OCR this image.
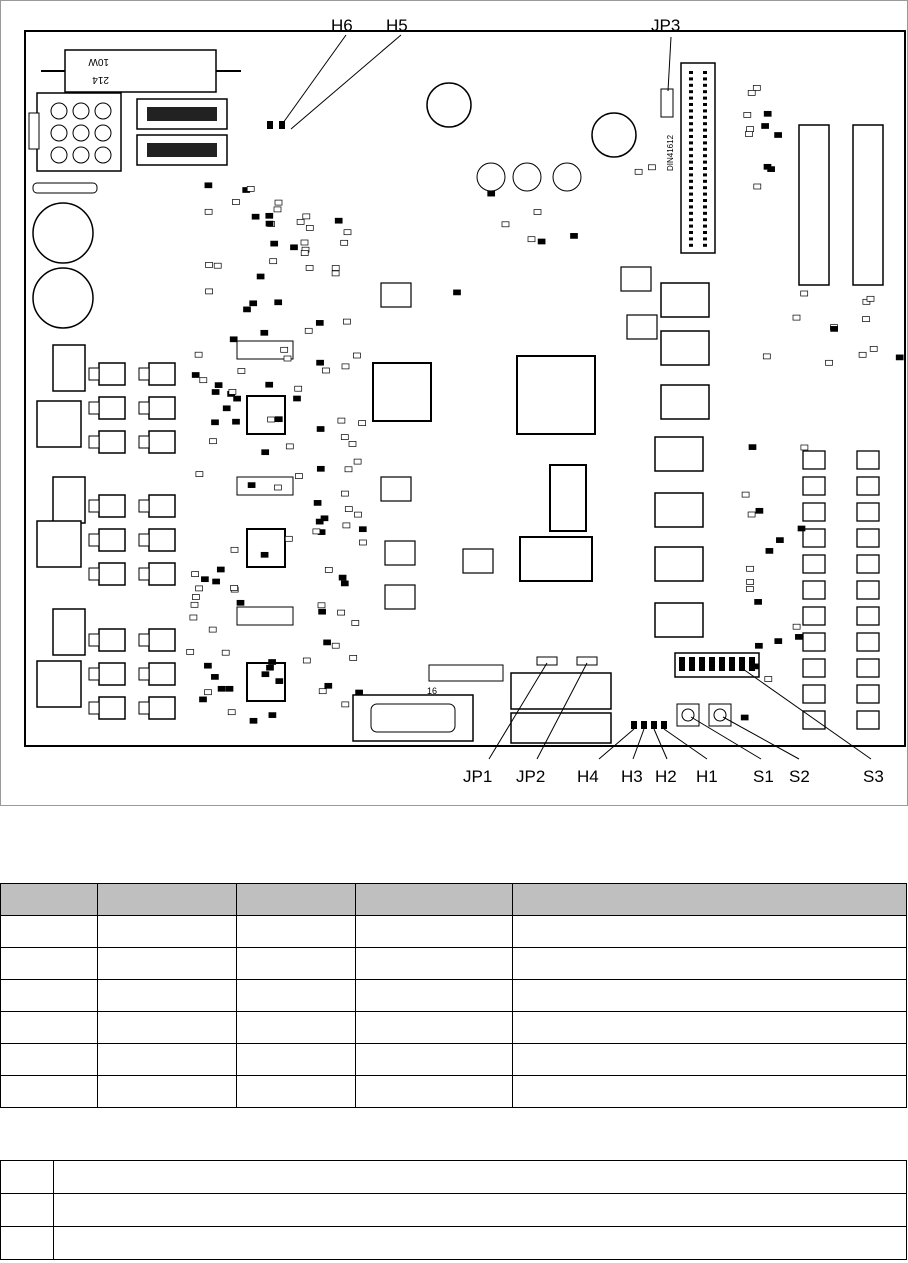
10W
214
DIN41612
16
H6 H5	JP3
JP1 JP2 H4 H3 H2 H1 S1 S2	S3
